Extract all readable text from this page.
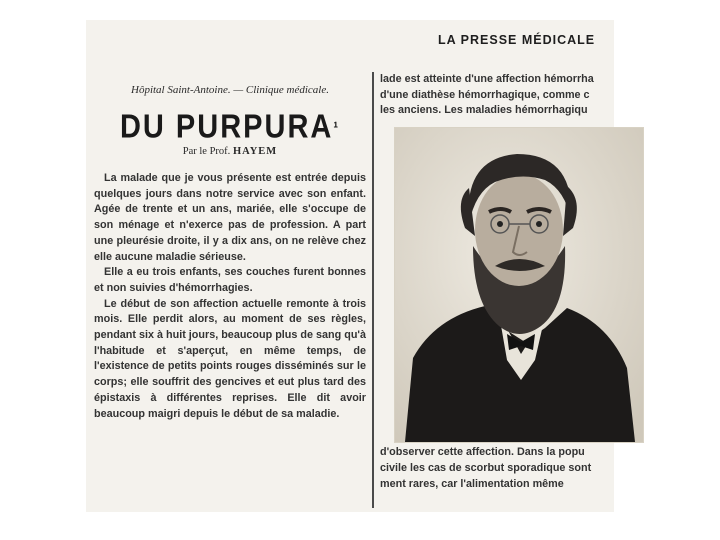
LA PRESSE MÉDICALE
Hôpital Saint-Antoine. — Clinique médicale.
DU $PURPURA^{^1}$
Par le Prof. HAYEM

La malade que je vous présente est entrée depuis quelques jours dans notre service avec son enfant. Agée de trente et un ans, mariée, elle s'occupe de son ménage et n'exerce pas de profession. A part une pleurésie droite, il y a dix ans, on ne relève chez elle aucune maladie sérieuse.

Elle a eu trois enfants, ses couches furent bonnes et non suivies d'hémorrhagies.

Le début de son affection actuelle remonte à trois mois. Elle perdit alors, au moment de ses règles, pendant six à huit jours, beaucoup plus de sang qu'à l'habitude et s'aperçut, en même temps, de l'existence de petits points rouges disséminés sur le corps; elle souffrit des gencives et eut plus tard des épistaxis à différentes reprises. Elle dit avoir beaucoup maigri depuis le début de sa maladie.

lade est atteinte d'une affection hémorrha

d'une diathèse hémorrhagique, comme c

les anciens. Les maladies hémorrhagiqu

d'observer cette affection. Dans la popu

civile les cas de scorbut sporadique sont

ment rares, car l'alimentation même
